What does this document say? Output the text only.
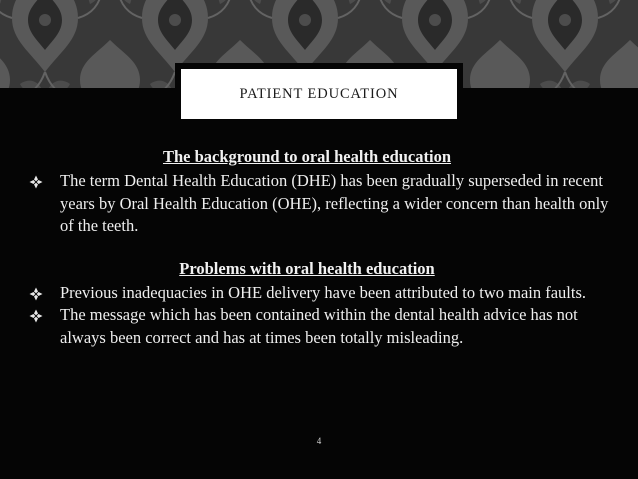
PATIENT EDUCATION
The background to oral health education

The term Dental Health Education (DHE) has been gradually superseded in recent years by Oral Health Education (OHE), reflecting a wider concern than health only of the teeth.

Problems with oral health education

Previous inadequacies in OHE delivery have been attributed to two main faults.

The message which has been contained within the dental health advice has not always been correct and has at times been totally misleading.

4
